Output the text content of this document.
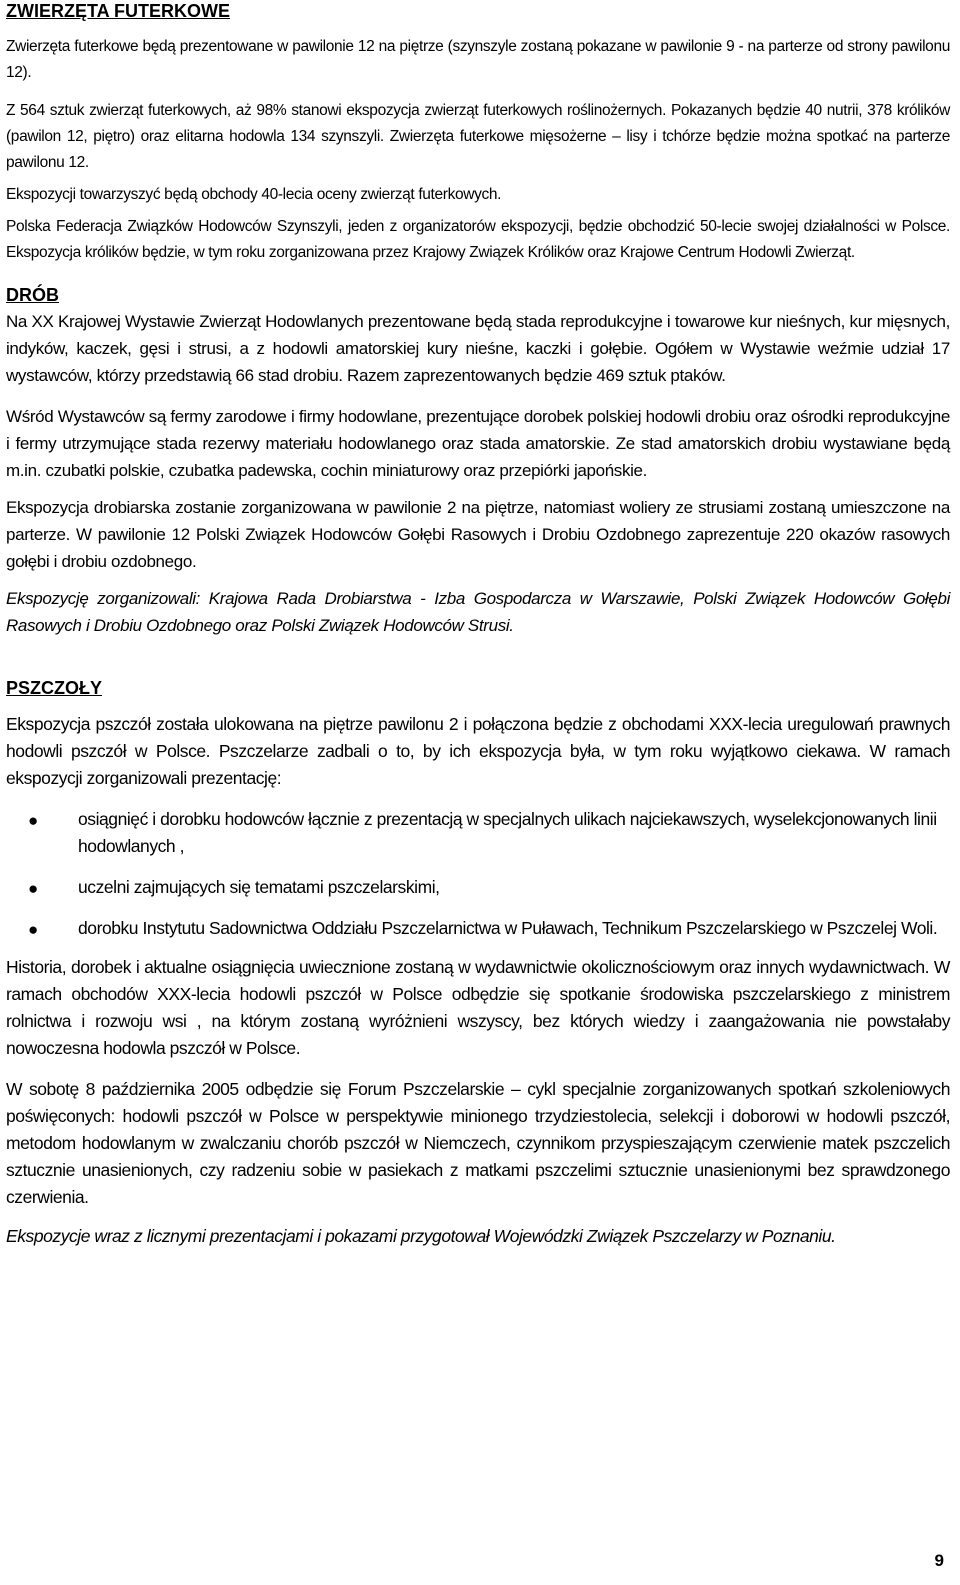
ZWIERZĘTA FUTERKOWE

Zwierzęta futerkowe będą prezentowane w pawilonie 12 na piętrze (szynszyle zostaną pokazane w pawilonie 9 - na parterze od strony pawilonu 12).

Z 564 sztuk zwierząt futerkowych, aż 98% stanowi ekspozycja zwierząt futerkowych roślinożernych. Pokazanych będzie 40 nutrii, 378 królików (pawilon 12, piętro) oraz elitarna hodowla 134 szynszyli. Zwierzęta futerkowe mięsożerne – lisy i tchórze będzie można spotkać na parterze pawilonu 12.

Ekspozycji towarzyszyć będą obchody 40-lecia oceny zwierząt futerkowych.

Polska Federacja Związków Hodowców Szynszyli, jeden z organizatorów ekspozycji, będzie obchodzić 50-lecie swojej działalności w Polsce. Ekspozycja królików będzie, w tym roku zorganizowana przez Krajowy Związek Królików oraz Krajowe Centrum Hodowli Zwierząt.

DRÓB

Na XX Krajowej Wystawie Zwierząt Hodowlanych prezentowane będą stada reprodukcyjne i towarowe kur nieśnych, kur mięsnych, indyków, kaczek, gęsi i strusi, a z hodowli amatorskiej kury nieśne, kaczki i gołębie. Ogółem w Wystawie weźmie udział 17 wystawców, którzy przedstawią 66 stad drobiu. Razem zaprezentowanych będzie 469 sztuk ptaków.

Wśród Wystawców są fermy zarodowe i firmy hodowlane, prezentujące dorobek polskiej hodowli drobiu oraz ośrodki reprodukcyjne i fermy utrzymujące stada rezerwy materiału hodowlanego oraz stada amatorskie. Ze stad amatorskich drobiu wystawiane będą m.in. czubatki polskie, czubatka padewska, cochin miniaturowy oraz przepiórki japońskie.

Ekspozycja drobiarska zostanie zorganizowana w pawilonie 2 na piętrze, natomiast woliery ze strusiami zostaną umieszczone na parterze. W pawilonie 12 Polski Związek Hodowców Gołębi Rasowych i Drobiu Ozdobnego zaprezentuje 220 okazów rasowych gołębi i drobiu ozdobnego.

Ekspozycję zorganizowali: Krajowa Rada Drobiarstwa - Izba Gospodarcza w Warszawie, Polski Związek Hodowców Gołębi Rasowych i Drobiu Ozdobnego oraz Polski Związek Hodowców Strusi.

PSZCZOŁY

Ekspozycja pszczół została ulokowana na piętrze pawilonu 2 i połączona będzie z obchodami XXX-lecia uregulowań prawnych hodowli pszczół w Polsce. Pszczelarze zadbali o to, by ich ekspozycja była, w tym roku wyjątkowo ciekawa. W ramach ekspozycji zorganizowali prezentację:

● osiągnięć i dorobku hodowców łącznie z prezentacją w specjalnych ulikach najciekawszych, wyselekcjonowanych linii hodowlanych ,
● uczelni zajmujących się tematami pszczelarskimi,
● dorobku Instytutu Sadownictwa Oddziału Pszczelarnictwa w Puławach, Technikum Pszczelarskiego w Pszczelej Woli.

Historia, dorobek i aktualne osiągnięcia uwiecznione zostaną w wydawnictwie okolicznościowym oraz innych wydawnictwach. W ramach obchodów XXX-lecia hodowli pszczół w Polsce odbędzie się spotkanie środowiska pszczelarskiego z ministrem rolnictwa i rozwoju wsi , na którym zostaną wyróżnieni wszyscy, bez których wiedzy i zaangażowania nie powstałaby nowoczesna hodowla pszczół w Polsce.

W sobotę 8 października 2005 odbędzie się Forum Pszczelarskie – cykl specjalnie zorganizowanych spotkań szkoleniowych poświęconych: hodowli pszczół w Polsce w perspektywie minionego trzydziestolecia, selekcji i doborowi w hodowli pszczół, metodom hodowlanym w zwalczaniu chorób pszczół w Niemczech, czynnikom przyspieszającym czerwienie matek pszczelich sztucznie unasienionych, czy radzeniu sobie w pasiekach z matkami pszczelimi sztucznie unasienionymi bez sprawdzonego czerwienia.

Ekspozycje wraz z licznymi prezentacjami i pokazami przygotował Wojewódzki Związek Pszczelarzy w Poznaniu.

9
